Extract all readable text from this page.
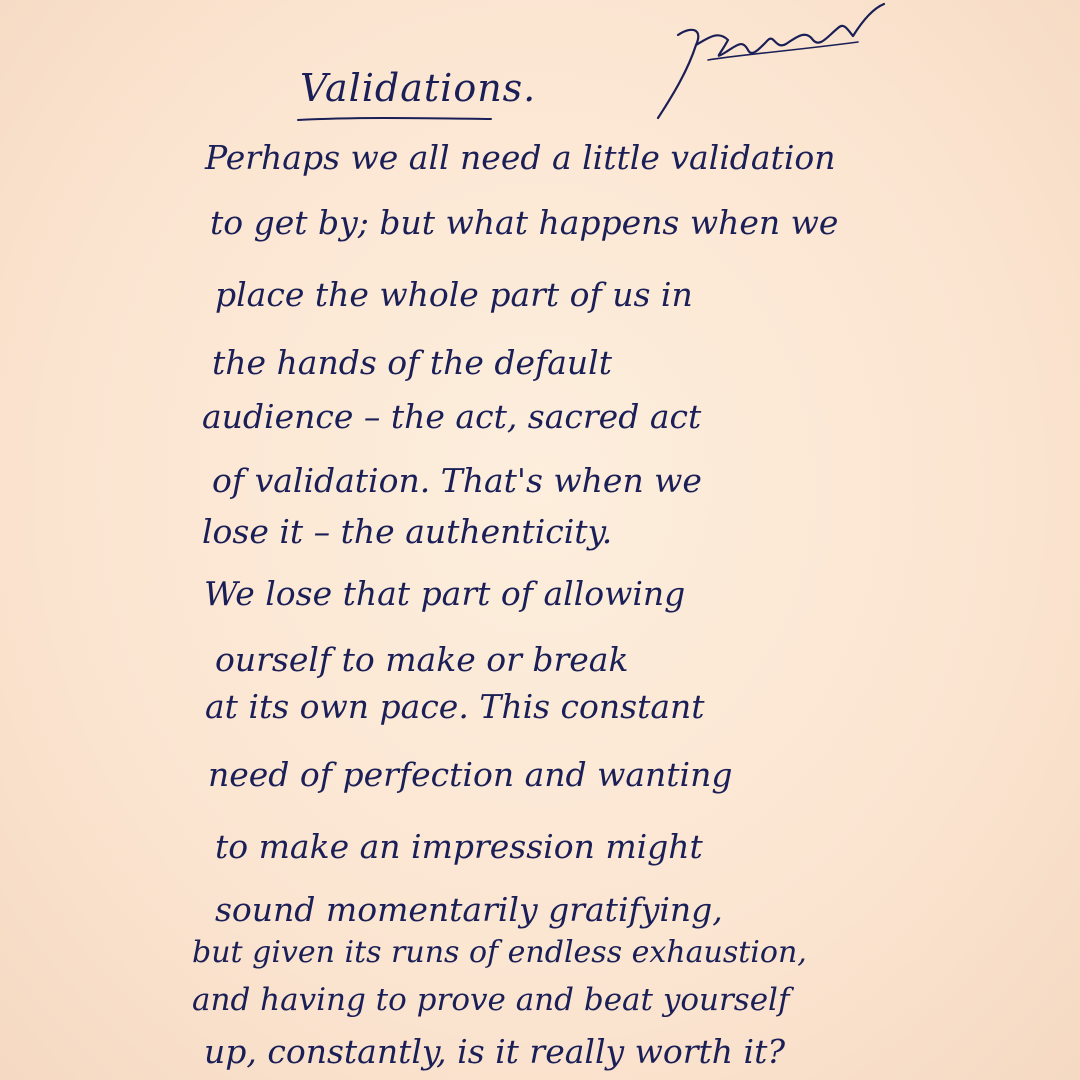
Validations.
Perhaps we all need a little validation
to get by; but what happens when we
place the whole part of us in
the hands of the default
audience – the act, sacred act
of validation. That's when we
lose it – the authenticity.
We lose that part of allowing
ourself to make or break
at its own pace. This constant
need of perfection and wanting
to make an impression might
sound momentarily gratifying,
but given its runs of endless exhaustion,
and having to prove and beat yourself
up, constantly, is it really worth it?
